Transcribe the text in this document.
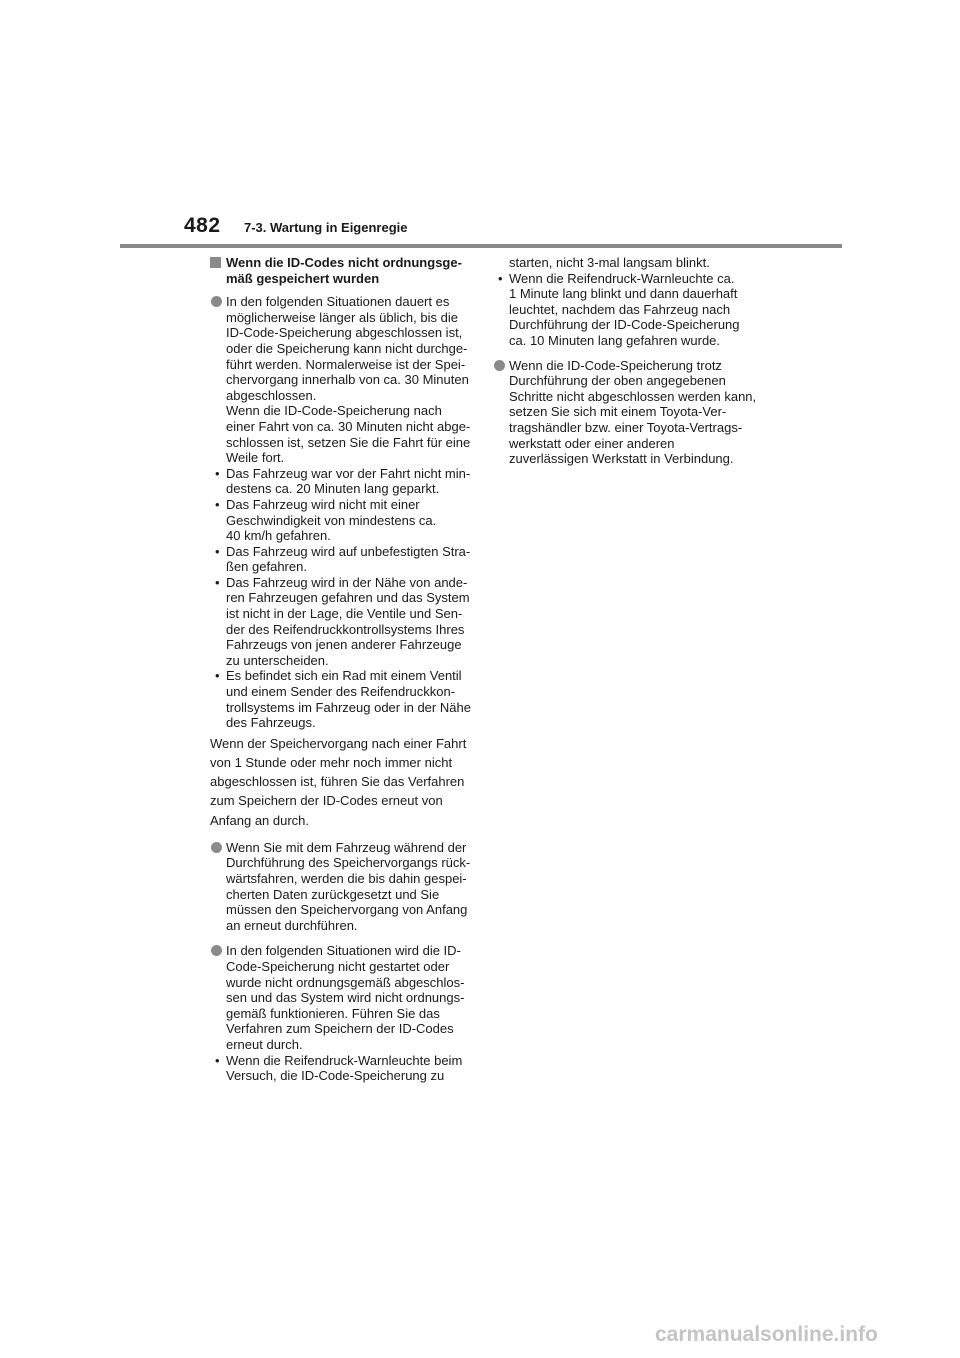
482 7-3. Wartung in Eigenregie
Wenn die ID-Codes nicht ordnungsge-
mäß gespeichert wurden
In den folgenden Situationen dauert es
möglicherweise länger als üblich, bis die
ID-Code-Speicherung abgeschlossen ist,
oder die Speicherung kann nicht durchge-
führt werden. Normalerweise ist der Spei-
chervorgang innerhalb von ca. 30 Minuten
abgeschlossen.
Wenn die ID-Code-Speicherung nach
einer Fahrt von ca. 30 Minuten nicht abge-
schlossen ist, setzen Sie die Fahrt für eine
Weile fort.
• Das Fahrzeug war vor der Fahrt nicht min-
destens ca. 20 Minuten lang geparkt.
• Das Fahrzeug wird nicht mit einer
Geschwindigkeit von mindestens ca.
40 km/h gefahren.
• Das Fahrzeug wird auf unbefestigten Stra-
ßen gefahren.
• Das Fahrzeug wird in der Nähe von ande-
ren Fahrzeugen gefahren und das System
ist nicht in der Lage, die Ventile und Sen-
der des Reifendruckkontrollsystems Ihres
Fahrzeugs von jenen anderer Fahrzeuge
zu unterscheiden.
• Es befindet sich ein Rad mit einem Ventil
und einem Sender des Reifendruckkon-
trollsystems im Fahrzeug oder in der Nähe
des Fahrzeugs.
Wenn der Speichervorgang nach einer Fahrt
von 1 Stunde oder mehr noch immer nicht
abgeschlossen ist, führen Sie das Verfahren
zum Speichern der ID-Codes erneut von
Anfang an durch.
Wenn Sie mit dem Fahrzeug während der
Durchführung des Speichervorgangs rück-
wärtsfahren, werden die bis dahin gespei-
cherten Daten zurückgesetzt und Sie
müssen den Speichervorgang von Anfang
an erneut durchführen.
In den folgenden Situationen wird die ID-
Code-Speicherung nicht gestartet oder
wurde nicht ordnungsgemäß abgeschlos-
sen und das System wird nicht ordnungs-
gemäß funktionieren. Führen Sie das
Verfahren zum Speichern der ID-Codes
erneut durch.
• Wenn die Reifendruck-Warnleuchte beim
Versuch, die ID-Code-Speicherung zu
starten, nicht 3-mal langsam blinkt.
• Wenn die Reifendruck-Warnleuchte ca.
1 Minute lang blinkt und dann dauerhaft
leuchtet, nachdem das Fahrzeug nach
Durchführung der ID-Code-Speicherung
ca. 10 Minuten lang gefahren wurde.
Wenn die ID-Code-Speicherung trotz
Durchführung der oben angegebenen
Schritte nicht abgeschlossen werden kann,
setzen Sie sich mit einem Toyota-Ver-
tragshändler bzw. einer Toyota-Vertrags-
werkstatt oder einer anderen
zuverlässigen Werkstatt in Verbindung.
carmanualsonline.info
